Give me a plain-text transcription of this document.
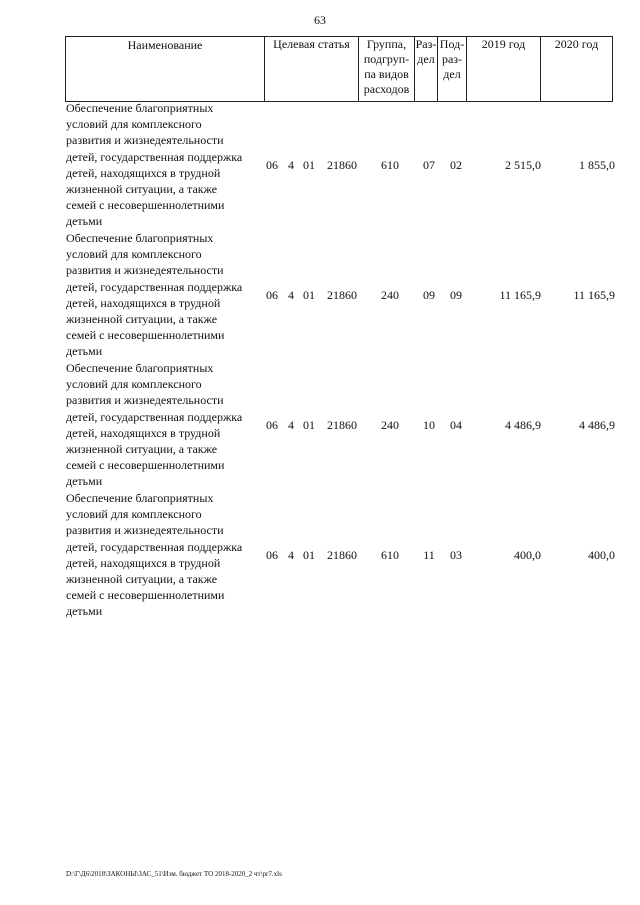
63
Наименование	Целевая статья	Группа,
подгруп-
па видов
расходов	Раз-
дел	Под-
раз-
дел	2019 год	2020 год
Обеспечение благоприятных
условий для комплексного
развития и жизнедеятельности
детей, государственная поддержка
детей, находящихся в трудной
жизненной ситуации, а также
семей с несовершеннолетними
детьми
06 4 01	21860	610	07	02	2 515,0	1 855,0
Обеспечение благоприятных
условий для комплексного
развития и жизнедеятельности
детей, государственная поддержка
детей, находящихся в трудной
жизненной ситуации, а также
семей с несовершеннолетними
детьми
06 4 01	21860	240	09	09	11 165,9	11 165,9
Обеспечение благоприятных
условий для комплексного
развития и жизнедеятельности
детей, государственная поддержка
детей, находящихся в трудной
жизненной ситуации, а также
семей с несовершеннолетними
детьми
06 4 01	21860	240	10	04	4 486,9	4 486,9
Обеспечение благоприятных
условий для комплексного
развития и жизнедеятельности
детей, государственная поддержка
детей, находящихся в трудной
жизненной ситуации, а также
семей с несовершеннолетними
детьми
06 4 01	21860	610	11	03	400,0	400,0
D:\Г\Д6\2018\ЗАКОНЫ\ЗАС_51\Изм. бюджет ТО 2018-2020_2 чт\pr7.xls
